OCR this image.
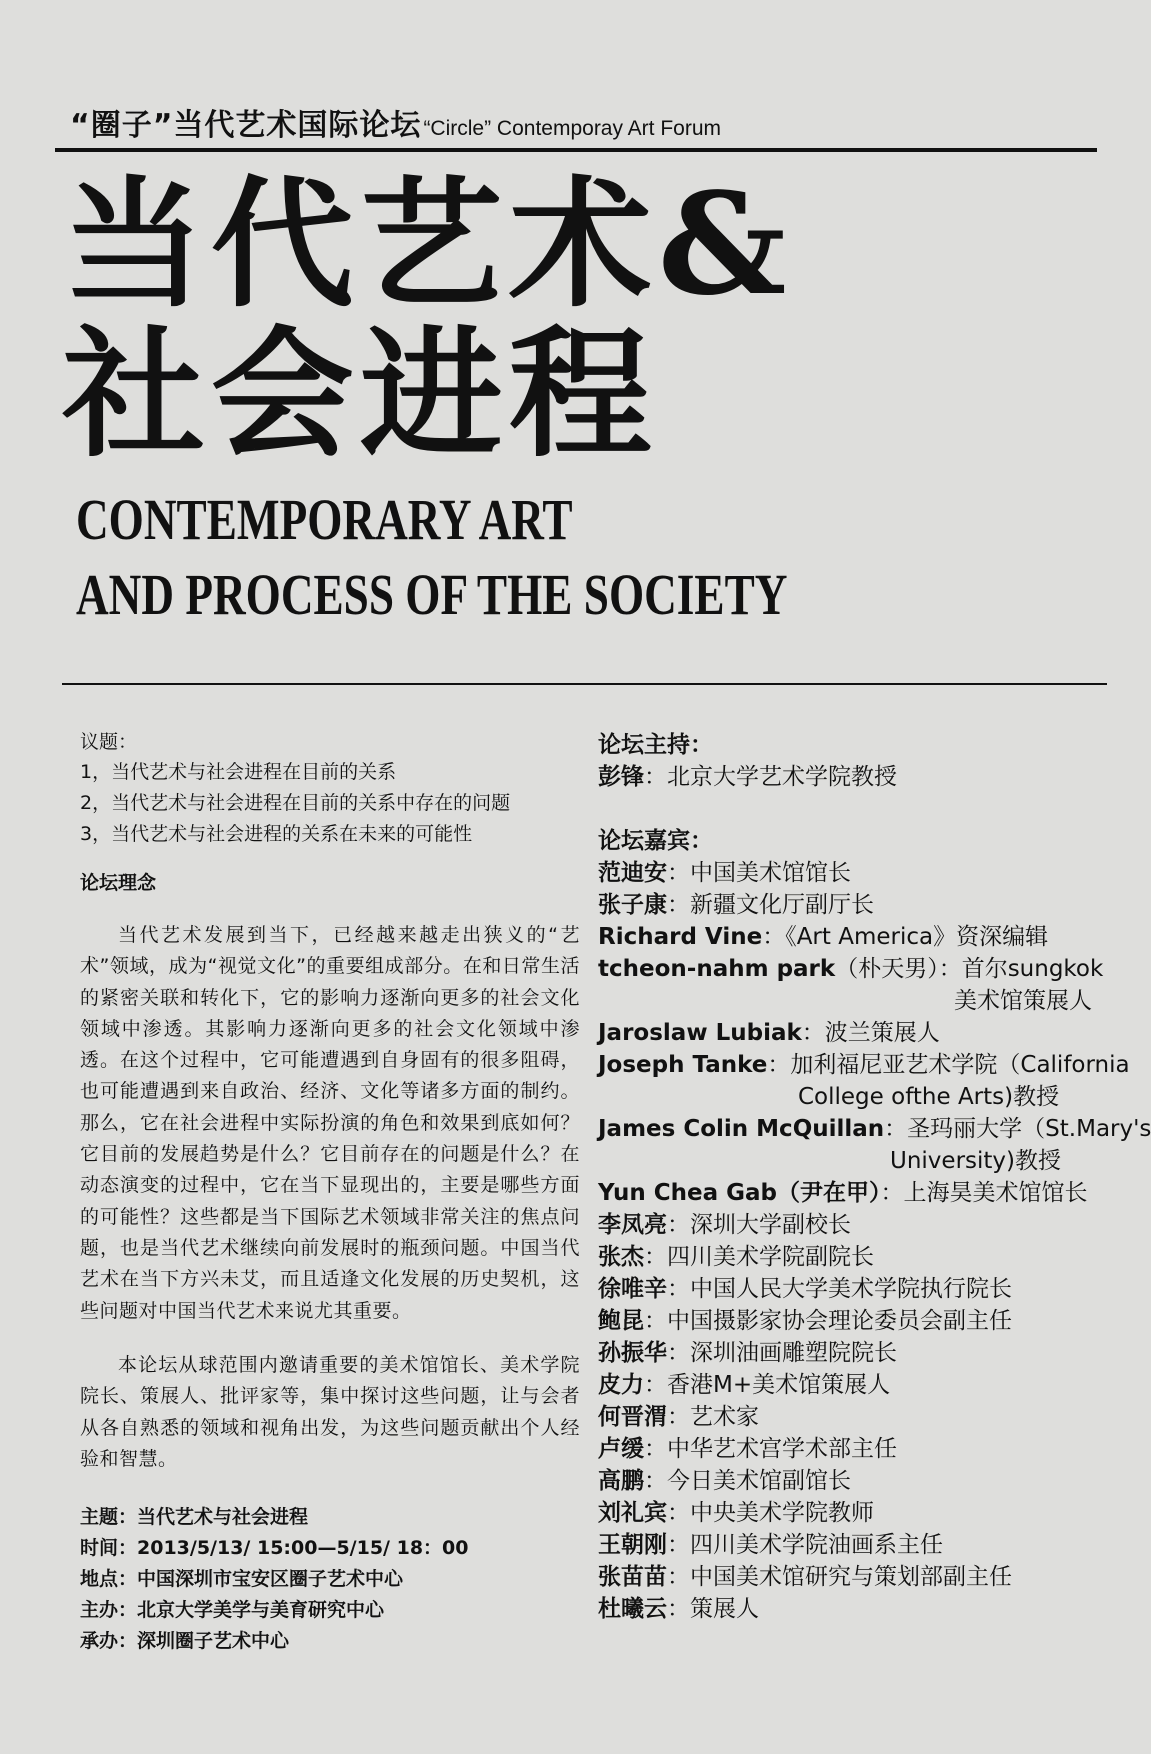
“圈子”当代艺术国际论坛“Circle” Contemporay Art Forum
当代艺术&
社会进程
CONTEMPORARY ART
AND PROCESS OF THE SOCIETY
议题：
1，当代艺术与社会进程在目前的关系
2，当代艺术与社会进程在目前的关系中存在的问题
3，当代艺术与社会进程的关系在未来的可能性
论坛理念

当代艺术发展到当下，已经越来越走出狭义的“艺术”领域，成为“视觉文化”的重要组成部分。在和日常生活的紧密关联和转化下，它的影响力逐渐向更多的社会文化领域中渗透。其影响力逐渐向更多的社会文化领域中渗透。在这个过程中，它可能遭遇到自身固有的很多阻碍，也可能遭遇到来自政治、经济、文化等诸多方面的制约。那么，它在社会进程中实际扮演的角色和效果到底如何？它目前的发展趋势是什么？它目前存在的问题是什么？在动态演变的过程中，它在当下显现出的，主要是哪些方面的可能性？这些都是当下国际艺术领域非常关注的焦点问题，也是当代艺术继续向前发展时的瓶颈问题。中国当代艺术在当下方兴未艾，而且适逢文化发展的历史契机，这些问题对中国当代艺术来说尤其重要。

本论坛从球范围内邀请重要的美术馆馆长、美术学院院长、策展人、批评家等，集中探讨这些问题，让与会者从各自熟悉的领域和视角出发，为这些问题贡献出个人经验和智慧。

主题：当代艺术与社会进程
时间：2013/5/13/ 15:00—5/15/ 18：00
地点：中国深圳市宝安区圈子艺术中心
主办：北京大学美学与美育研究中心
承办：深圳圈子艺术中心
论坛主持：
彭锋：北京大学艺术学院教授
论坛嘉宾：
范迪安：中国美术馆馆长
张子康：新疆文化厅副厅长
Richard Vine：《Art America》资深编辑
tcheon-nahm park（朴天男）：首尔sungkok
美术馆策展人
Jaroslaw Lubiak：波兰策展人
Joseph Tanke：加利福尼亚艺术学院（California
College ofthe Arts)教授
James Colin McQuillan：圣玛丽大学（St.Mary's
University)教授
Yun Chea Gab（尹在甲）：上海昊美术馆馆长
李凤亮：深圳大学副校长
张杰：四川美术学院副院长
徐唯辛：中国人民大学美术学院执行院长
鲍昆：中国摄影家协会理论委员会副主任
孙振华：深圳油画雕塑院院长
皮力：香港M+美术馆策展人
何晋渭：艺术家
卢缓：中华艺术宫学术部主任
高鹏：今日美术馆副馆长
刘礼宾：中央美术学院教师
王朝刚：四川美术学院油画系主任
张苗苗：中国美术馆研究与策划部副主任
杜曦云：策展人
